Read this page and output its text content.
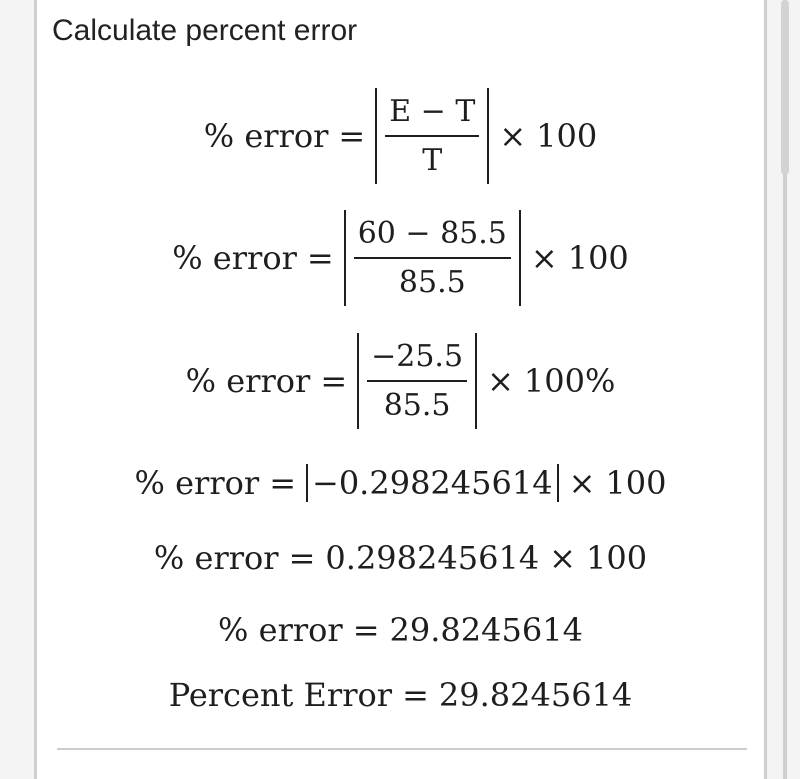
Calculate percent error
% error = $\frac{E - T}{T} \times 100$
% error = $\frac{60 - 85.5}{85.5} \times 100$
% error = $\frac{-25.5}{85.5} \times 100\%$
% error = −0.298245614 × 100
% error = 0.298245614 × 100
% error = 29.8245614
Percent Error = 29.8245614
